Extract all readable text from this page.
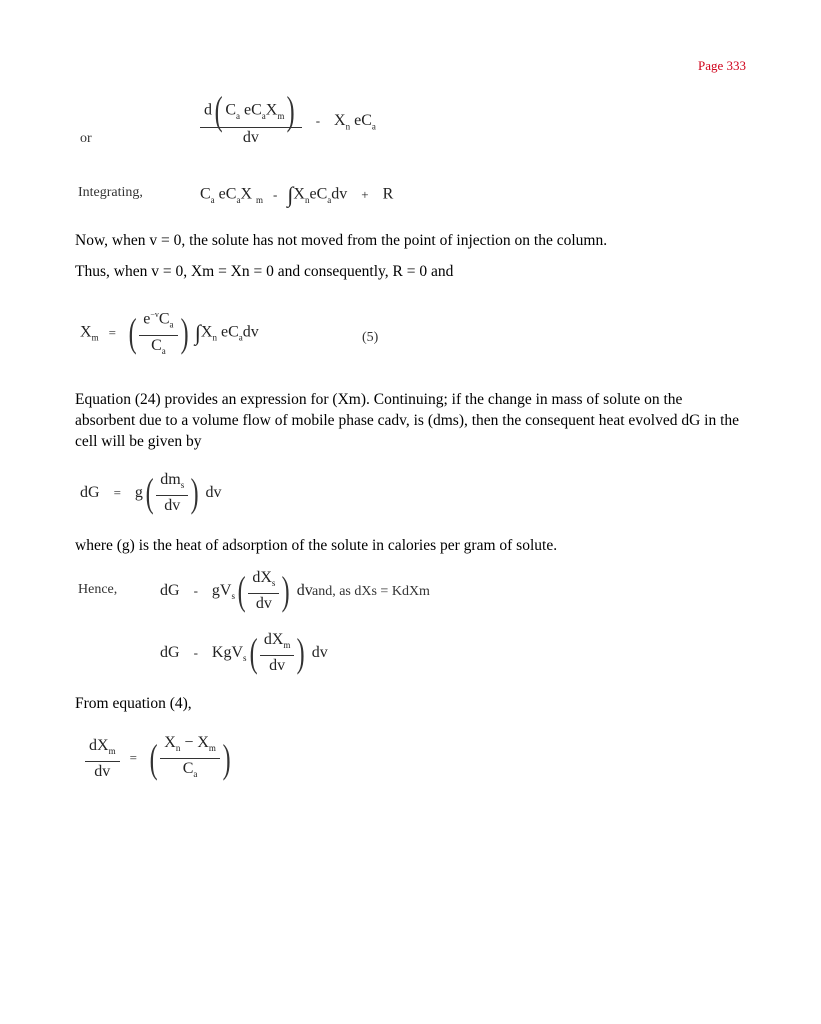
Page 333
or	$\frac{d( C_a eC_aX_m)}{dv} - X_n$ $eC_a$
Integrating,	$C_a$ $eC_aX$ $_m - \int X_neC_adv + R$
Now, when v = 0, the solute has not moved from the point of injection on the column.
Thus, when v = 0, Xm = Xn = 0 and consequently, R = 0 and
$X_m$ = ( $\frac{e^{-v}C_a}{C_a}$ ) $\int X_n$ $eC_adv$	(5)
Equation (24) provides an expression for (Xm). Continuing; if the change in mass of solute on the absorbent due to a volume flow of mobile phase cadv, is (dms), then the consequent heat evolved dG in the cell will be given by
dG = $g( \frac{dm_s}{dv}$ ) dv
where (g) is the heat of adsorption of the solute in calories per gram of solute.
Hence,	dG - $gV_s( \frac{dX_s}{dv}$ ) dv and, as dXs = KdXm
dG - $KgV_s( \frac{dX_m}{dv}$ ) dv
From equation (4),
$\frac{dX_m}{dv}$ = ( $\frac{X_n - X_m}{C_a}$ )
